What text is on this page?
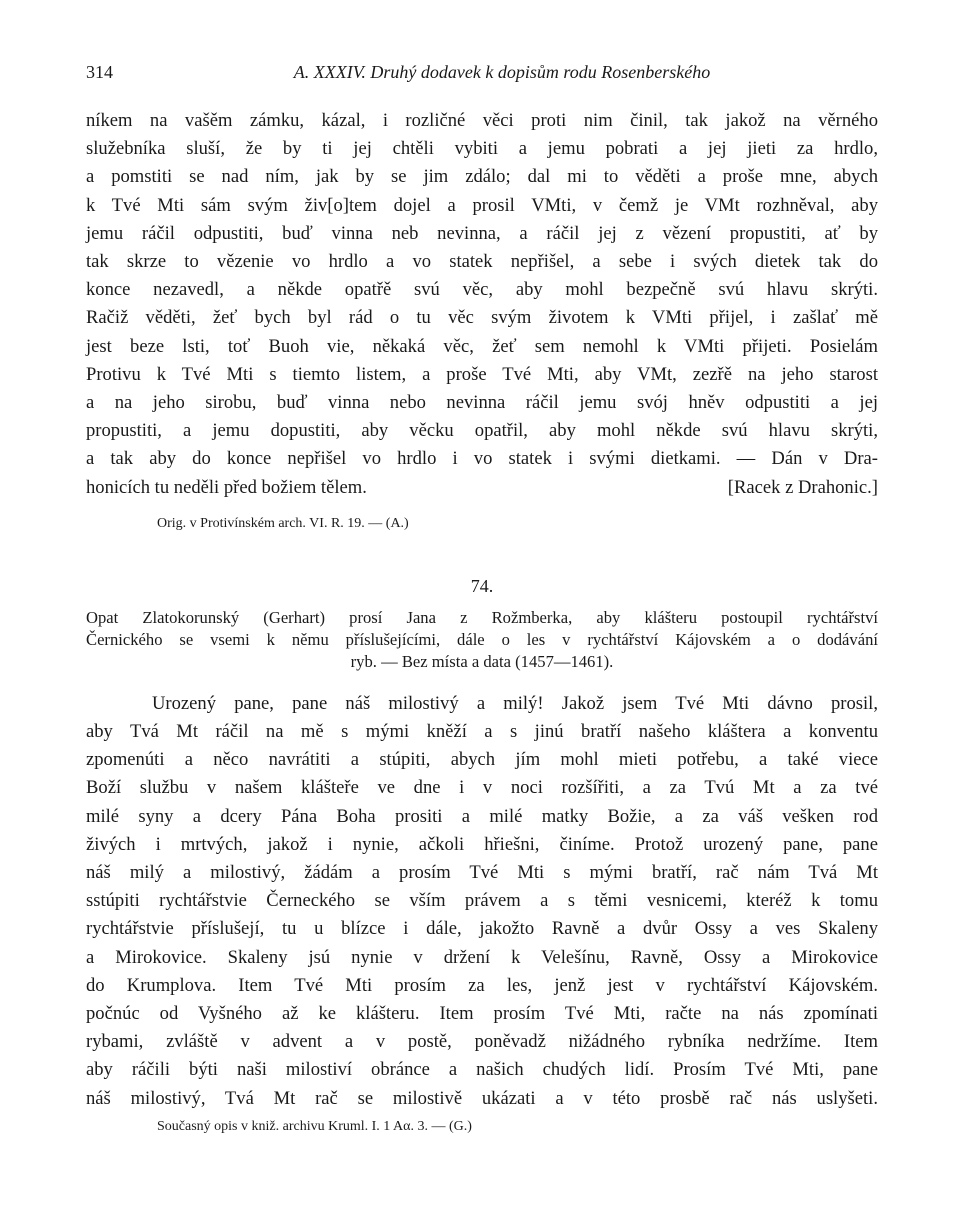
314	A. XXXIV. Druhý dodavek k dopisům rodu Rosenberského
níkem na vašěm zámku, kázal, i rozličné věci proti nim činil, tak jakož na věrného
služebníka sluší, že by ti jej chtěli vybiti a jemu pobrati a jej jieti za hrdlo,
a pomstiti se nad ním, jak by se jim zdálo; dal mi to věděti a proše mne, abych
k Tvé Mti sám svým živ[o]tem dojel a prosil VMti, v čemž je VMt rozhněval, aby
jemu ráčil odpustiti, buď vinna neb nevinna, a ráčil jej z vězení propustiti, ať by
tak skrze to vězenie vo hrdlo a vo statek nepřišel, a sebe i svých dietek tak do
konce nezavedl, a někde opatřě svú věc, aby mohl bezpečně svú hlavu skrýti.
Račiž věděti, žeť bych byl rád o tu věc svým životem k VMti přijel, i zašlať mě
jest beze lsti, toť Buoh vie, někaká věc, žeť sem nemohl k VMti přijeti. Posielám
Protivu k Tvé Mti s tiemto listem, a proše Tvé Mti, aby VMt, zezřě na jeho starost
a na jeho sirobu, buď vinna nebo nevinna ráčil jemu svój hněv odpustiti a jej
propustiti, a jemu dopustiti, aby věcku opatřil, aby mohl někde svú hlavu skrýti,
a tak aby do konce nepřišel vo hrdlo i vo statek i svými dietkami. — Dán v Dra-
honicích tu neděli před božiem tělem.	[Racek z Drahonic.]
Orig. v Protivínském arch. VI. R. 19. — (A.)
74.
Opat Zlatokorunský (Gerhart) prosí Jana z Rožmberka, aby klášteru postoupil rychtářství
Černického se vsemi k němu příslušejícími, dále o les v rychtářství Kájovském a o dodávání
ryb. — Bez místa a data (1457—1461).
Urozený pane, pane náš milostivý a milý! Jakož jsem Tvé Mti dávno prosil,
aby Tvá Mt ráčil na mě s mými kněží a s jinú bratří našeho kláštera a konventu
zpomenúti a něco navrátiti a stúpiti, abych jím mohl mieti potřebu, a také viece
Boží službu v našem klášteře ve dne i v noci rozšířiti, a za Tvú Mt a za tvé
milé syny a dcery Pána Boha prositi a milé matky Božie, a za váš vešken rod
živých i mrtvých, jakož i nynie, ačkoli hřiešni, činíme. Protož urozený pane, pane
náš milý a milostivý, žádám a prosím Tvé Mti s mými bratří, rač nám Tvá Mt
sstúpiti rychtářstvie Černeckého se vším právem a s těmi vesnicemi, kteréž k tomu
rychtářstvie příslušejí, tu u blízce i dále, jakožto Ravně a dvůr Ossy a ves Skaleny
a Mirokovice. Skaleny jsú nynie v držení k Velešínu, Ravně, Ossy a Mirokovice
do Krumplova. Item Tvé Mti prosím za les, jenž jest v rychtářství Kájovském.
počnúc od Vyšného až ke klášteru. Item prosím Tvé Mti, račte na nás zpomínati
rybami, zvláště v advent a v postě, poněvadž nižádného rybníka nedržíme. Item
aby ráčili býti naši milostiví obránce a našich chudých lidí. Prosím Tvé Mti, pane
náš milostivý, Tvá Mt rač se milostivě ukázati a v této prosbě rač nás uslyšeti.
Současný opis v kniž. archivu Kruml. I. 1 Aα. 3. — (G.)
